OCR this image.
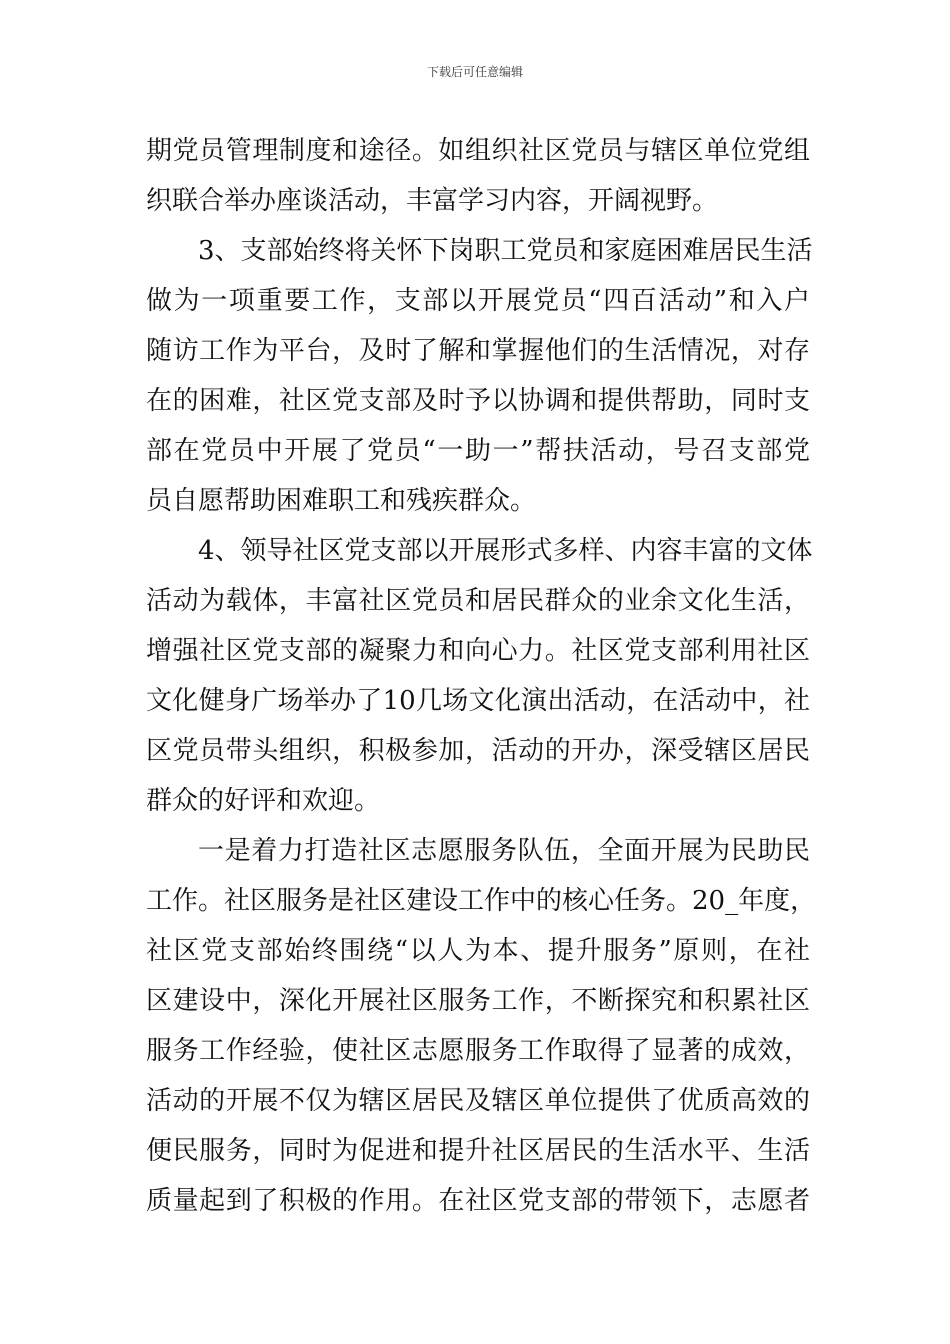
下载后可任意编辑
期党员管理制度和途径。如组织社区党员与辖区单位党组
织联合举办座谈活动，丰富学习内容，开阔视野。
3、支部始终将关怀下岗职工党员和家庭困难居民生活
做为一项重要工作，支部以开展党员“四百活动”和入户
随访工作为平台，及时了解和掌握他们的生活情况，对存
在的困难，社区党支部及时予以协调和提供帮助，同时支
部在党员中开展了党员“一助一”帮扶活动，号召支部党
员自愿帮助困难职工和残疾群众。
4、领导社区党支部以开展形式多样、内容丰富的文体
活动为载体，丰富社区党员和居民群众的业余文化生活，
增强社区党支部的凝聚力和向心力。社区党支部利用社区
文化健身广场举办了10几场文化演出活动，在活动中，社
区党员带头组织，积极参加，活动的开办，深受辖区居民
群众的好评和欢迎。
一是着力打造社区志愿服务队伍，全面开展为民助民
工作。社区服务是社区建设工作中的核心任务。20_年度，
社区党支部始终围绕“以人为本、提升服务”原则，在社
区建设中，深化开展社区服务工作，不断探究和积累社区
服务工作经验，使社区志愿服务工作取得了显著的成效，
活动的开展不仅为辖区居民及辖区单位提供了优质高效的
便民服务，同时为促进和提升社区居民的生活水平、生活
质量起到了积极的作用。在社区党支部的带领下，志愿者
